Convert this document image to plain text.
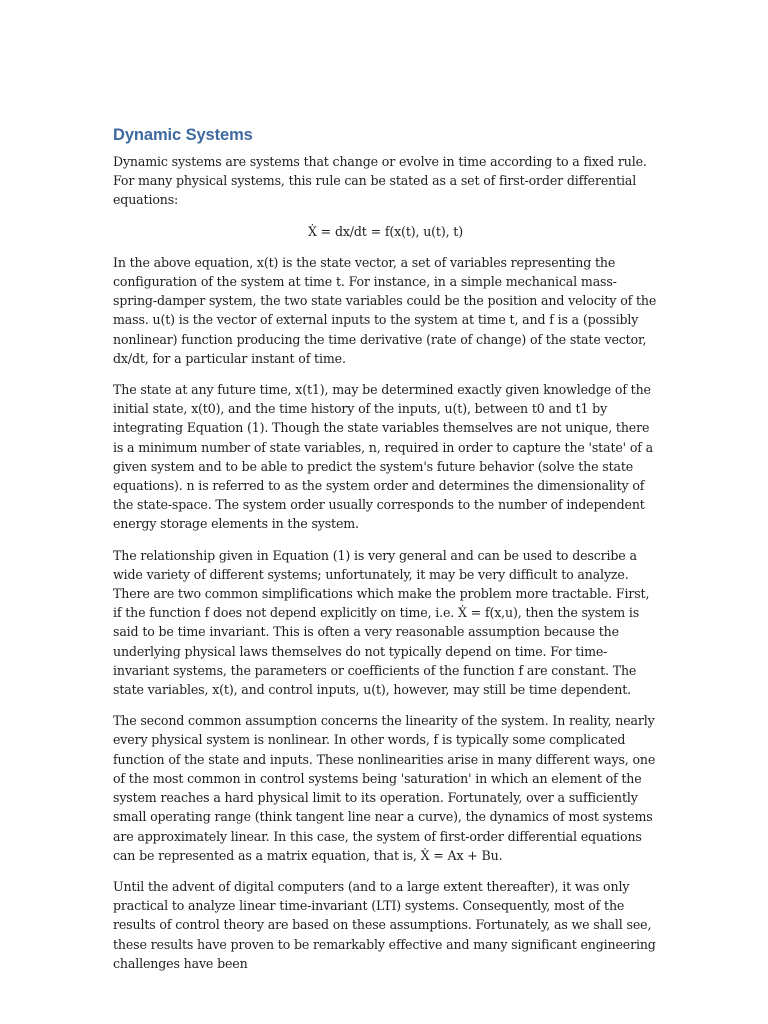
Dynamic Systems

Dynamic systems are systems that change or evolve in time according to a fixed rule. For many physical systems, this rule can be stated as a set of first-order differential equations:

Ẋ = dx/dt = f(x(t), u(t), t)

In the above equation, x(t) is the state vector, a set of variables representing the configuration of the system at time t. For instance, in a simple mechanical mass-spring-damper system, the two state variables could be the position and velocity of the mass. u(t) is the vector of external inputs to the system at time t, and f is a (possibly nonlinear) function producing the time derivative (rate of change) of the state vector, dx/dt, for a particular instant of time.

The state at any future time, x(t1), may be determined exactly given knowledge of the initial state, x(t0), and the time history of the inputs, u(t), between t0 and t1 by integrating Equation (1). Though the state variables themselves are not unique, there is a minimum number of state variables, n, required in order to capture the 'state' of a given system and to be able to predict the system's future behavior (solve the state equations). n is referred to as the system order and determines the dimensionality of the state-space. The system order usually corresponds to the number of independent energy storage elements in the system.

The relationship given in Equation (1) is very general and can be used to describe a wide variety of different systems; unfortunately, it may be very difficult to analyze. There are two common simplifications which make the problem more tractable. First, if the function f does not depend explicitly on time, i.e. Ẋ = f(x,u), then the system is said to be time invariant. This is often a very reasonable assumption because the underlying physical laws themselves do not typically depend on time. For time-invariant systems, the parameters or coefficients of the function f are constant. The state variables, x(t), and control inputs, u(t), however, may still be time dependent.

The second common assumption concerns the linearity of the system. In reality, nearly every physical system is nonlinear. In other words, f is typically some complicated function of the state and inputs. These nonlinearities arise in many different ways, one of the most common in control systems being 'saturation' in which an element of the system reaches a hard physical limit to its operation. Fortunately, over a sufficiently small operating range (think tangent line near a curve), the dynamics of most systems are approximately linear. In this case, the system of first-order differential equations can be represented as a matrix equation, that is, Ẋ = Ax + Bu.

Until the advent of digital computers (and to a large extent thereafter), it was only practical to analyze linear time-invariant (LTI) systems. Consequently, most of the results of control theory are based on these assumptions. Fortunately, as we shall see, these results have proven to be remarkably effective and many significant engineering challenges have been
